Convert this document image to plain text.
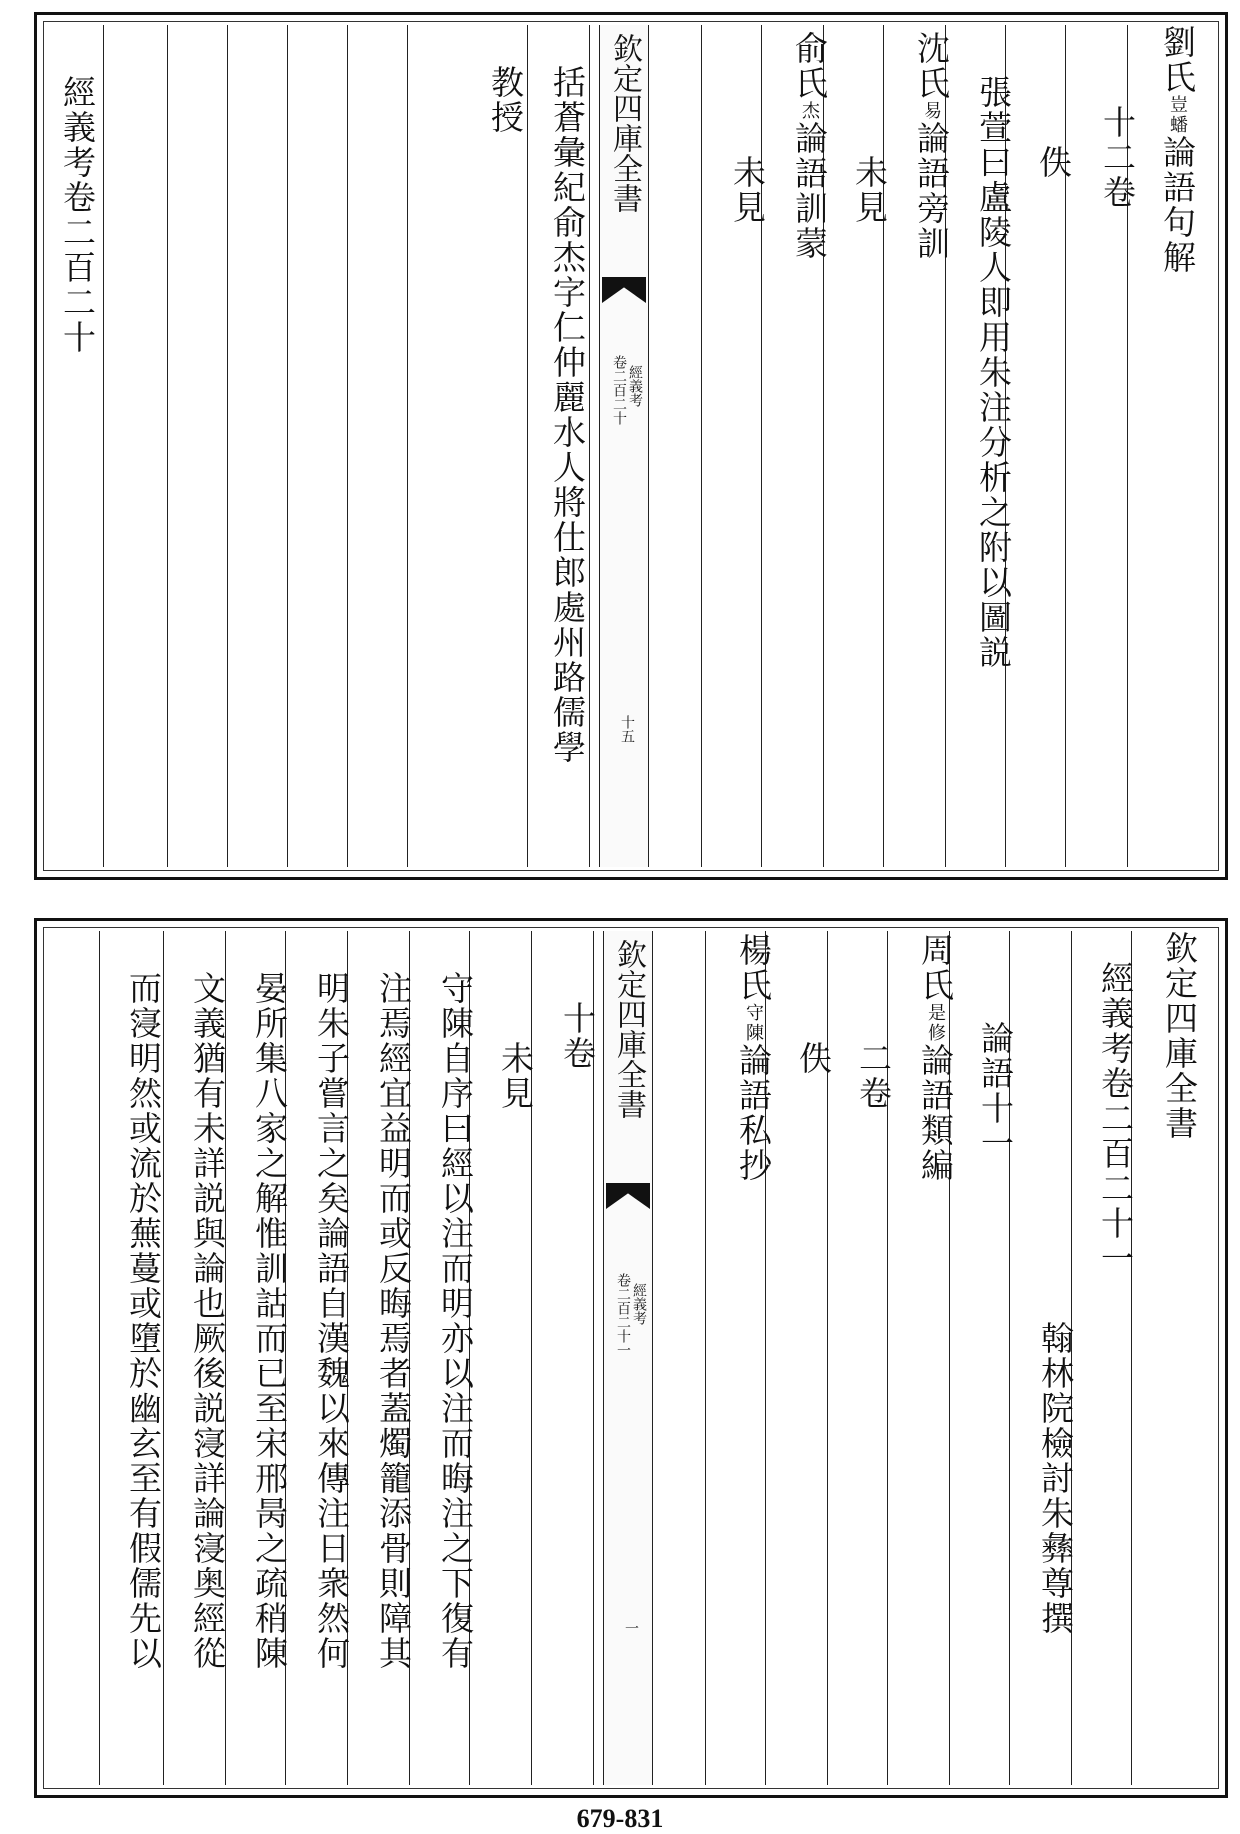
欽定四庫全書
卷二百二十 經義考
十五
劉氏豈蟠論語句解
十二卷
佚
張萱曰盧陵人即用朱注分析之附以圖説
沈氏易論語旁訓
未見
俞氏杰論語訓蒙
未見
括蒼彙紀俞杰字仁仲麗水人將仕郎處州路儒學
教授
經義考卷二百二十
欽定四庫全書
卷二百二十一 經義考
一
欽定四庫全書
經義考卷二百二十一
翰林院檢討朱彝尊撰
論語十一
周氏是修論語類編
二卷
佚
楊氏守陳論語私抄
十卷
未見
守陳自序曰經以注而明亦以注而晦注之下復有
注焉經宜益明而或反晦焉者蓋燭籠添骨則障其
明朱子嘗言之矣論語自漢魏以來傳注日衆然何
晏所集八家之解惟訓詁而已至宋邢昺之疏稍陳
文義猶有未詳説與論也厥後説寖詳論寖奥經從
而寖明然或流於蕪蔓或墮於幽玄至有假儒先以
679-831
